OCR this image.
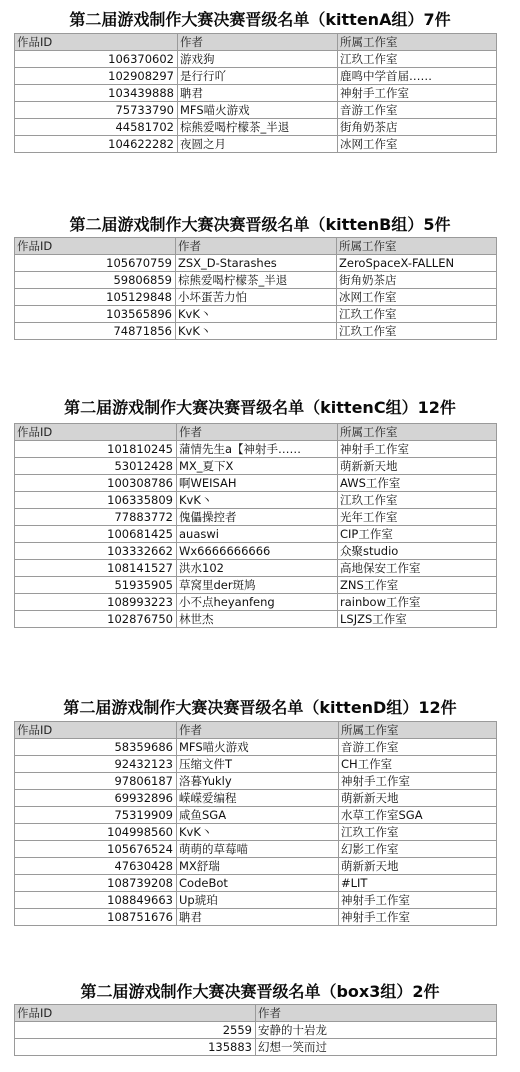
第二届游戏制作大赛决赛晋级名单（kittenA组）7件
作品ID	作者	所属工作室
106370602	游戏狗	江玖工作室
102908297	是行行吖	鹿鸣中学首届……
103439888	聃君	神射手工作室
75733790	MFS喵火游戏	音游工作室
44581702	棕熊爱喝柠檬茶_半退	街角奶茶店
104622282	夜圆之月	冰网工作室
第二届游戏制作大赛决赛晋级名单（kittenB组）5件
作品ID	作者	所属工作室
105670759	ZSX_D-Starashes	ZeroSpaceX-FALLEN
59806859	棕熊爱喝柠檬茶_半退	街角奶茶店
105129848	小坏蛋苦力怕	冰网工作室
103565896	KvK丶	江玖工作室
74871856	KvK丶	江玖工作室
第二届游戏制作大赛决赛晋级名单（kittenC组）12件
作品ID	作者	所属工作室
101810245	蒲情先生a【神射手……	神射手工作室
53012428	MX_夏下X	萌新新天地
100308786	啊WEISAH	AWS工作室
106335809	KvK丶	江玖工作室
77883772	傀儡操控者	光年工作室
100681425	auaswi	CIP工作室
103332662	Wx6666666666	众聚studio
108141527	洪水102	高地保安工作室
51935905	草窝里der斑鸠	ZNS工作室
108993223	小不点heyanfeng	rainbow工作室
102876750	林世杰	LSJZS工作室
第二届游戏制作大赛决赛晋级名单（kittenD组）12件
作品ID	作者	所属工作室
58359686	MFS喵火游戏	音游工作室
92432123	压缩文件T	CH工作室
97806187	洛暮Yukly	神射手工作室
69932896	嵘嵘爱编程	萌新新天地
75319909	咸鱼SGA	水草工作室SGA
104998560	KvK丶	江玖工作室
105676524	萌萌的草莓喵	幻影工作室
47630428	MX舒瑞	萌新新天地
108739208	CodeBot	#LIT
108849663	Up琥珀	神射手工作室
108751676	聃君	神射手工作室
第二届游戏制作大赛决赛晋级名单（box3组）2件
作品ID	作者
2559	安静的十岩龙
135883	幻想一笑而过
